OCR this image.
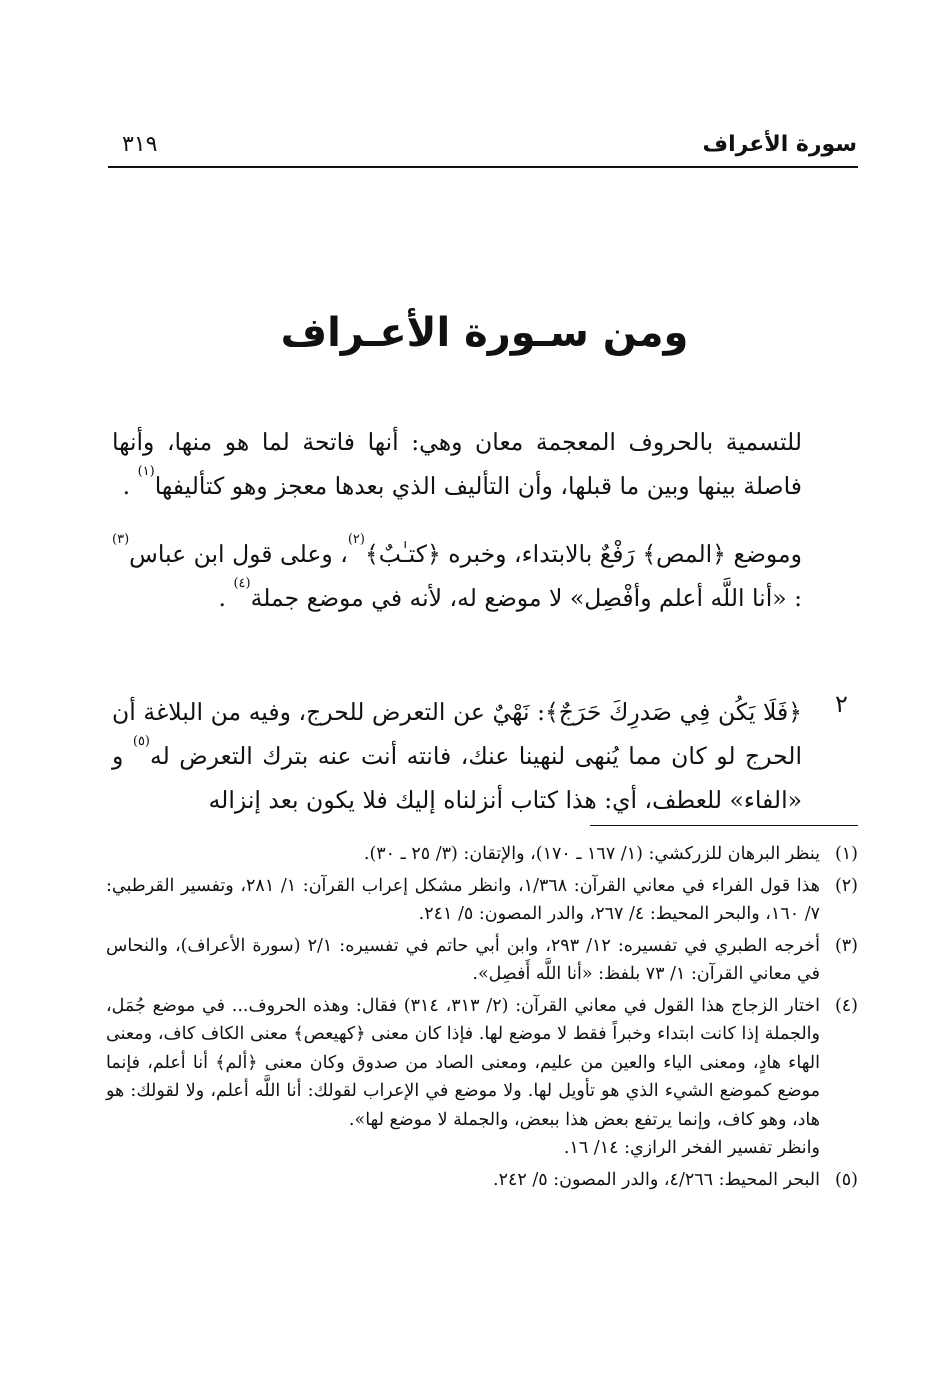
سورة الأعراف
٣١٩
ومن سـورة الأعـراف
للتسمية بالحروف المعجمة معان وهي: أنها فاتحة لما هو منها، وأنها فاصلة بينها وبين ما قبلها، وأن التأليف الذي بعدها معجز وهو كتأليفها$^{(١)}$ .
وموضع ﴿المص﴾ رَفْعٌ بالابتداء، وخبره ﴿كتـٰبٌ﴾$^{(٢)}$، وعلى قول ابن عباس$^{(٣)}$ : «أنا اللَّه أعلم وأفْصِل» لا موضع له، لأنه في موضع جملة$^{(٤)}$ .
٢
﴿فَلَا يَكُن فِي صَدرِكَ حَرَجٌ﴾: نَهْيٌ عن التعرض للحرج، وفيه من البلاغة أن الحرج لو كان مما يُنهى لنهينا عنك، فانته أنت عنه بترك التعرض له$^{(٥)}$ و «الفاء» للعطف، أي: هذا كتاب أنزلناه إليك فلا يكون بعد إنزاله
(١)
ينظر البرهان للزركشي: (١/ ١٦٧ ـ ١٧٠)، والإتقان: (٣/ ٢٥ ـ ٣٠).
(٢)
هذا قول الفراء في معاني القرآن: ١/٣٦٨، وانظر مشكل إعراب القرآن: ١/ ٢٨١، وتفسير القرطبي: ٧/ ١٦٠، والبحر المحيط: ٤/ ٢٦٧، والدر المصون: ٥/ ٢٤١.
(٣)
أخرجه الطبري في تفسيره: ١٢/ ٢٩٣، وابن أبي حاتم في تفسيره: ٢/١ (سورة الأعراف)، والنحاس في معاني القرآن: ١/ ٧٣ بلفظ: «أنا اللَّه أَفصِل».
(٤)
اختار الزجاج هذا القول في معاني القرآن: (٢/ ٣١٣، ٣١٤) فقال: وهذه الحروف... في موضع جُمَل، والجملة إذا كانت ابتداء وخبراً فقط لا موضع لها. فإذا كان معنى ﴿كهيعص﴾ معنى الكاف كاف، ومعنى الهاء هادٍ، ومعنى الياء والعين من عليم، ومعنى الصاد من صدوق وكان معنى ﴿ألم﴾ أنا أعلم، فإنما موضع كموضع الشيء الذي هو تأويل لها. ولا موضع في الإعراب لقولك: أنا اللَّه أعلم، ولا لقولك: هو هاد، وهو كاف، وإنما يرتفع بعض هذا ببعض، والجملة لا موضع لها».
وانظر تفسير الفخر الرازي: ١٤/ ١٦.
(٥)
البحر المحيط: ٤/٢٦٦، والدر المصون: ٥/ ٢٤٢.
